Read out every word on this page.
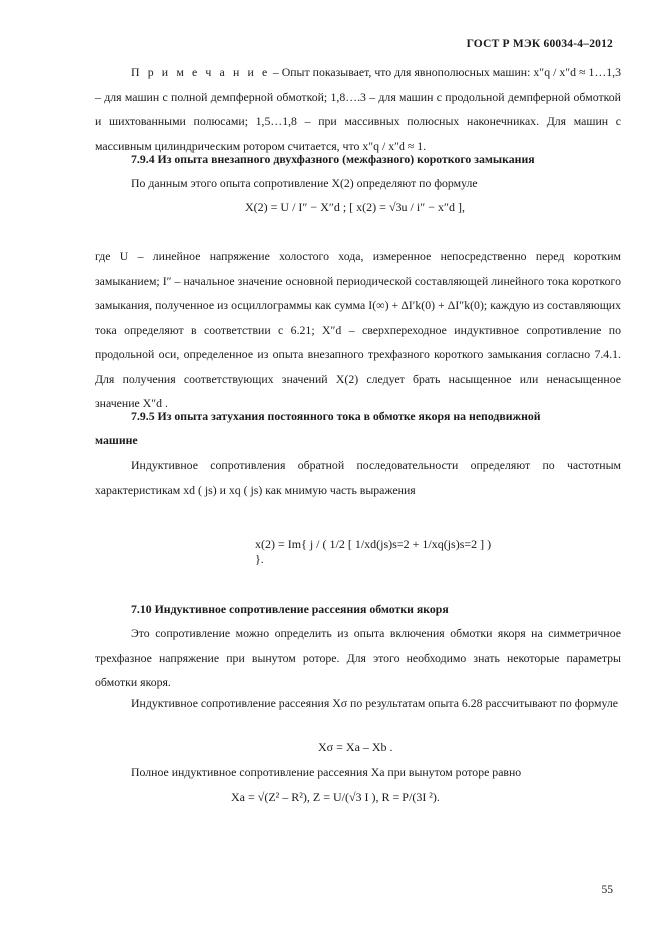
ГОСТ Р МЭК 60034-4–2012

П р и м е ч а н и е – Опыт показывает, что для явнополюсных машин: x″q / x″d ≈ 1…1,3 – для машин с полной демпферной обмоткой; 1,8….3 – для машин с продольной демпферной обмоткой и шихтованными полюсами; 1,5…1,8 – при массивных полюсных наконечниках. Для машин с массивным цилиндрическим ротором считается, что x″q / x″d ≈ 1.

7.9.4 Из опыта внезапного двухфазного (межфазного) короткого замыкания

По данным этого опыта сопротивление X(2) определяют по формуле

X(2) = U / I″ − X″d ; [ x(2) = √3u / i″ − x″d ],

где U – линейное напряжение холостого хода, измеренное непосредственно перед коротким замыканием; I″ – начальное значение основной периодической составляющей линейного тока короткого замыкания, полученное из осциллограммы как сумма I(∞) + ΔI′k(0) + ΔI″k(0); каждую из составляющих тока определяют в соответствии с 6.21; X″d – сверхпереходное индуктивное сопротивление по продольной оси, определенное из опыта внезапного трехфазного короткого замыкания согласно 7.4.1. Для получения соответствующих значений X(2) следует брать насыщенное или ненасыщенное значение X″d .

7.9.5 Из опыта затухания постоянного тока в обмотке якоря на неподвижной
машине

Индуктивное сопротивления обратной последовательности определяют по частотным характеристикам xd ( js) и xq ( js) как мнимую часть выражения

x(2) = Im{ j / ( 1/2 [ 1/xd(js)s=2 + 1/xq(js)s=2 ] ) }.
7.10 Индуктивное сопротивление рассеяния обмотки якоря

Это сопротивление можно определить из опыта включения обмотки якоря на симметричное трехфазное напряжение при вынутом роторе. Для этого необходимо знать некоторые параметры обмотки якоря.

Индуктивное сопротивление рассеяния Xσ по результатам опыта 6.28 рассчитывают по формуле

Xσ = Xa – Xb .

Полное индуктивное сопротивление рассеяния Xa при вынутом роторе равно

Xa = √(Z² – R²), Z = U/(√3 I ), R = P/(3I ²).
55
